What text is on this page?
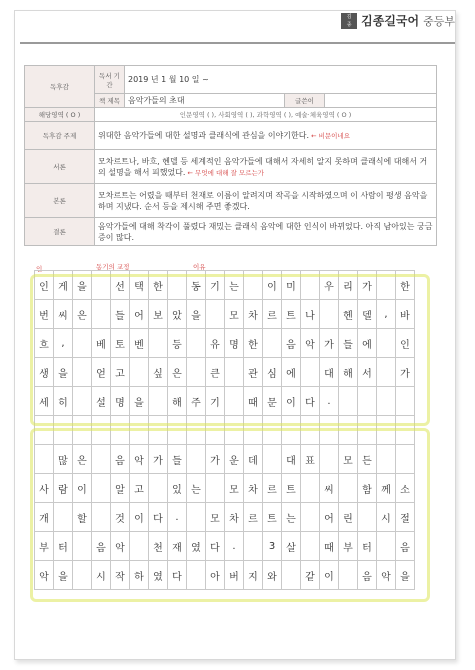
김
종 김종길국어 중등부
독후감	독서 기간	2019 년 1 월 10 일 ~		
	책 제목	음악가들의 초대	글쓴이	
해당영역 ( O )	인문영역 ( ), 사회영역 ( ), 과학영역 ( ), 예술·체육영역 ( O )			
독후감 주제	위대한 음악가들에 대한 설명과 클래식에 관심을 이야기한다. ← 비문이네요			
서론	모차르트나, 바흐, 헨델 등 세계적인 음악가들에 대해서 자세히 알지 못하며 클래식에 대해서 거의 설명을 해서 피했었다. ← 무엇에 대해 잘 모르는가			
본론	모차르트는 어렸을 때부터 천재로 이름이 알려지며 작곡을 시작하였으며 이 사람이 평생 음악을 하며 지냈다. 순서 등을 제시해 주면 좋겠다.			
결론	음악가들에 대해 착각이 풀렸다 재밌는 클래식 음악에 대한 인식이 바뀌었다. 아직 남아있는 궁금증이 많다.			
인	동기의 교정	이유
인	게	을		선	택	한		동	기	는		이	미		우	리	가		한
번	씨	은		들	어	보	았	을		모	차	르	트	나		헨	델	,	바
흐	,		베	토	벤		등		유	명	한		음	악	가	들	에		인
생	을		얻	고		싶	은		큰		관	심	에		대	해	서		가
세	히		설	명	을		해	주	기		때	문	이	다	.				

	많	은		음	악	가	들		가	운	데		대	표		모	든		
사	람	이		알	고		있	는		모	차	르	트		씨		함	께	소
개		할		것	이	다	.		모	차	르	트	는		어	린		시	절
부	터		음	악		천	재	였	다	.		3	살		때	부	터		음
악	을		시	작	하	였	다		아	버	지	와		같	이		음	악	을
